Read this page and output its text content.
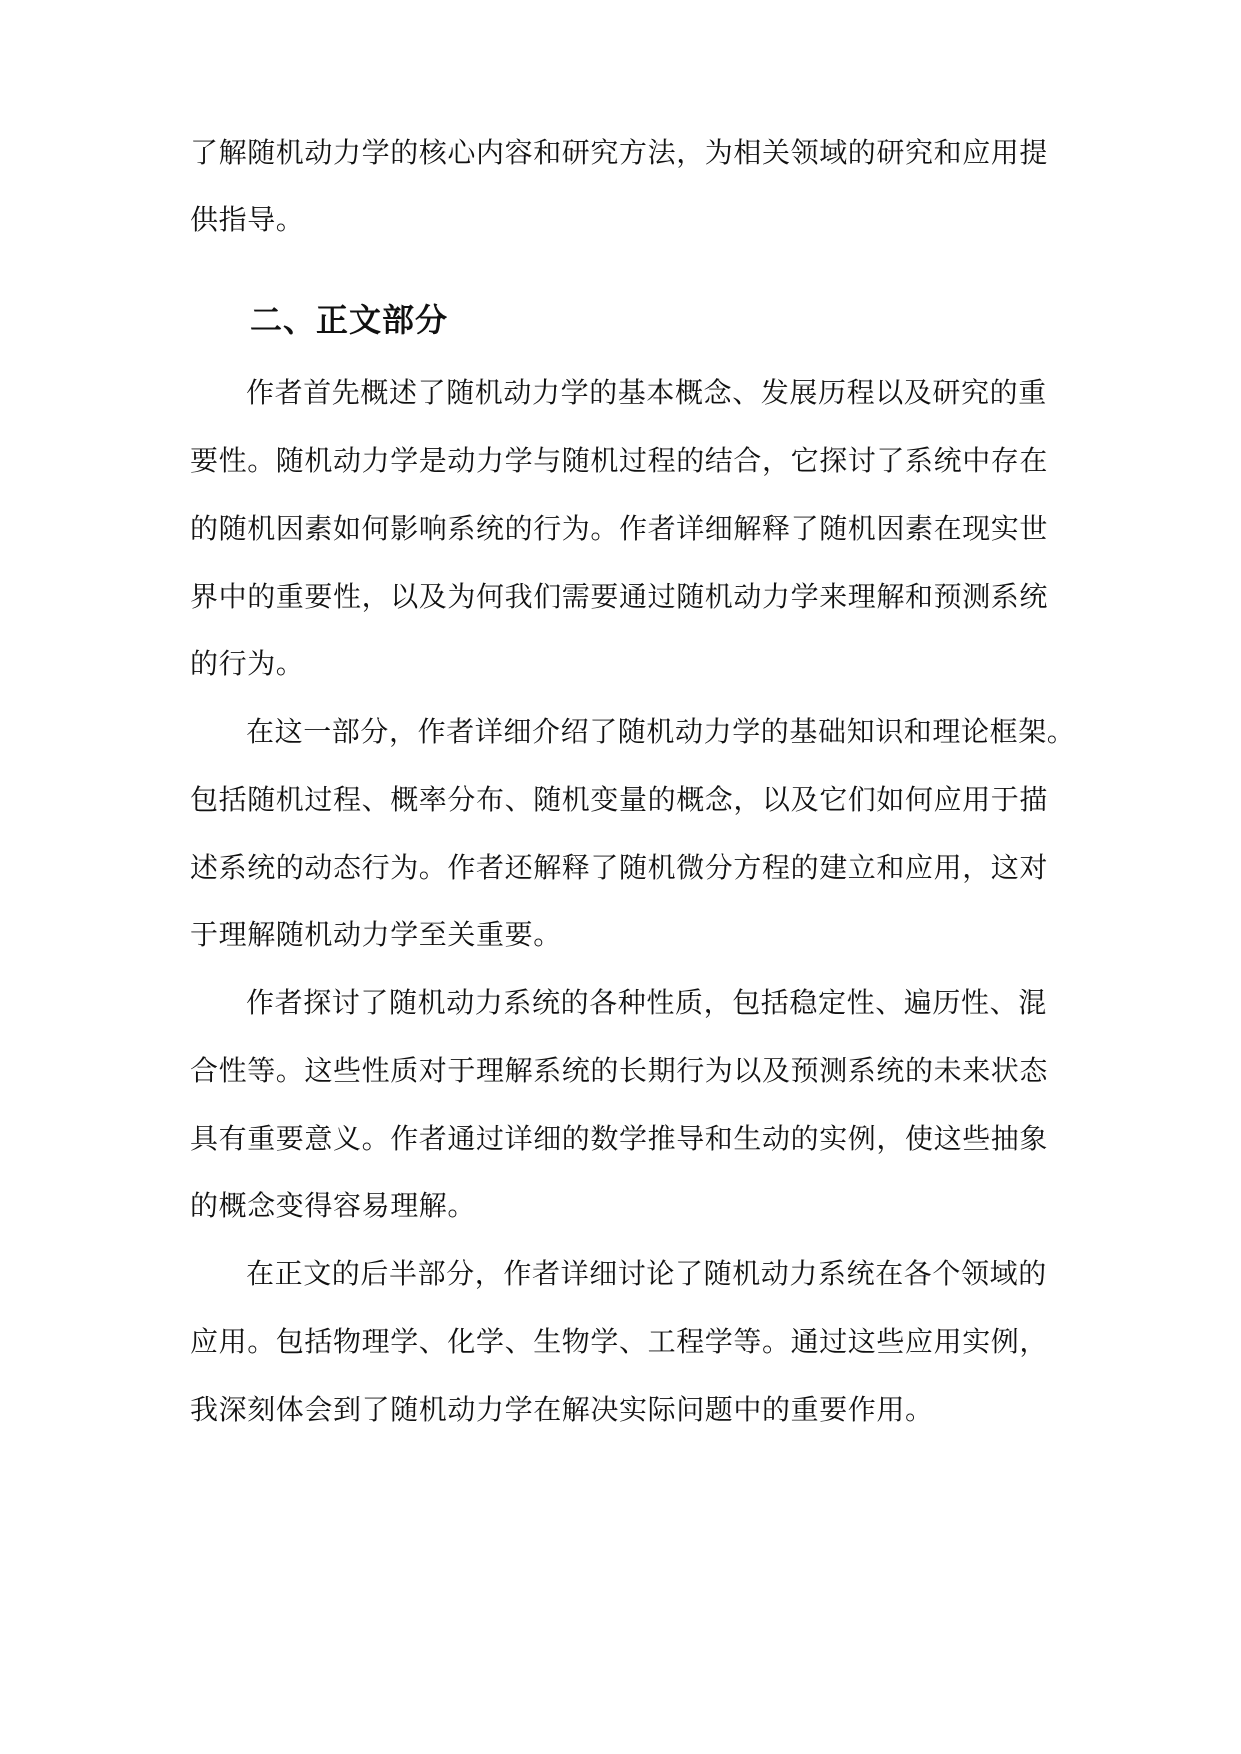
了解随机动力学的核心内容和研究方法，为相关领域的研究和应用提
供指导。
二、正文部分
作者首先概述了随机动力学的基本概念、发展历程以及研究的重
要性。随机动力学是动力学与随机过程的结合，它探讨了系统中存在
的随机因素如何影响系统的行为。作者详细解释了随机因素在现实世
界中的重要性，以及为何我们需要通过随机动力学来理解和预测系统
的行为。
在这一部分，作者详细介绍了随机动力学的基础知识和理论框架。
包括随机过程、概率分布、随机变量的概念，以及它们如何应用于描
述系统的动态行为。作者还解释了随机微分方程的建立和应用，这对
于理解随机动力学至关重要。
作者探讨了随机动力系统的各种性质，包括稳定性、遍历性、混
合性等。这些性质对于理解系统的长期行为以及预测系统的未来状态
具有重要意义。作者通过详细的数学推导和生动的实例，使这些抽象
的概念变得容易理解。
在正文的后半部分，作者详细讨论了随机动力系统在各个领域的
应用。包括物理学、化学、生物学、工程学等。通过这些应用实例，
我深刻体会到了随机动力学在解决实际问题中的重要作用。
